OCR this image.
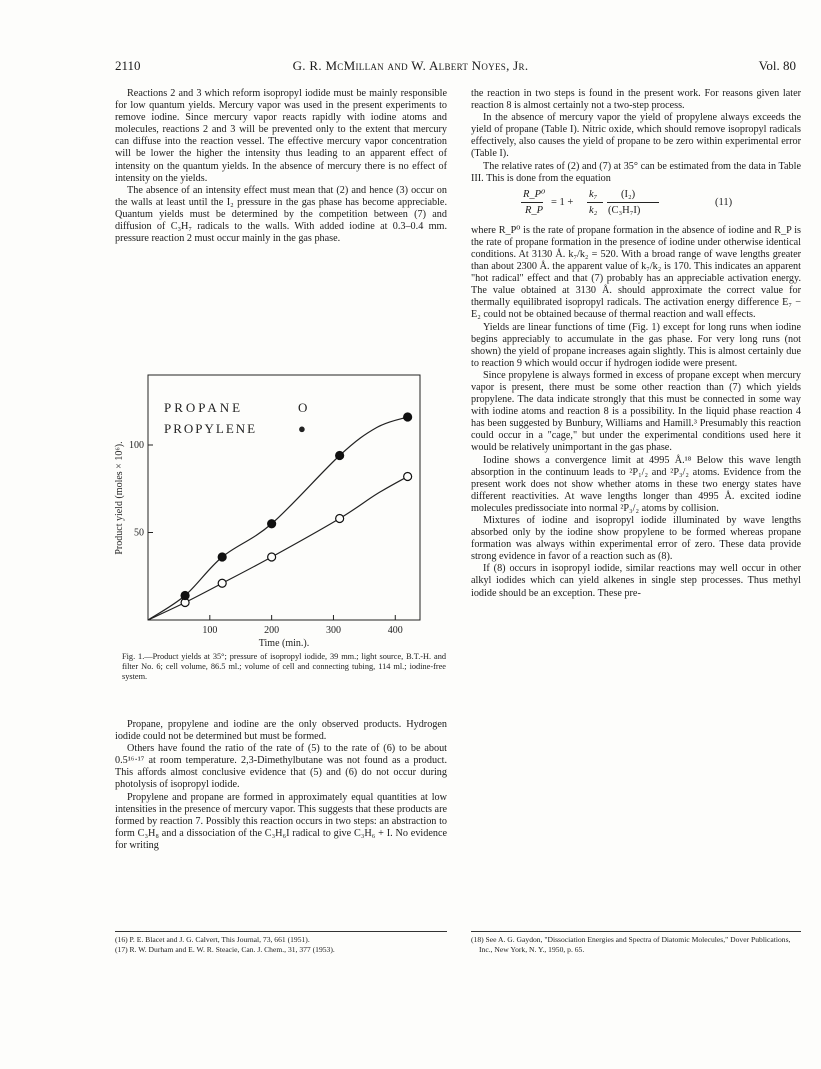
2110	G. R. McMillan and W. Albert Noyes, Jr.	Vol. 80

Reactions 2 and 3 which reform isopropyl iodide must be mainly responsible for low quantum yields. Mercury vapor was used in the present experiments to remove iodine. Since mercury vapor reacts rapidly with iodine atoms and molecules, reactions 2 and 3 will be prevented only to the extent that mercury can diffuse into the reaction vessel. The effective mercury vapor concentration will be lower the higher the intensity thus leading to an apparent effect of intensity on the quantum yields. In the absence of mercury there is no effect of intensity on the yields.

The absence of an intensity effect must mean that (2) and hence (3) occur on the walls at least until the I₂ pressure in the gas phase has become appreciable. Quantum yields must be determined by the competition between (7) and diffusion of C₃H₇ radicals to the walls. With added iodine at 0.3–0.4 mm. pressure reaction 2 must occur mainly in the gas phase.

PROPANE	O
PROPYLENE	●
100	200	300	400
50
100
Time (min.).
Product yield (moles × 10⁶).
Fig. 1.—Product yields at 35°; pressure of isopropyl iodide, 39 mm.; light source, B.T.-H. and filter No. 6; cell volume, 86.5 ml.; volume of cell and connecting tubing, 114 ml.; iodine-free system.

Propane, propylene and iodine are the only observed products. Hydrogen iodide could not be determined but must be formed.

Others have found the ratio of the rate of (5) to the rate of (6) to be about 0.5¹⁶·¹⁷ at room temperature. 2,3-Dimethylbutane was not found as a product. This affords almost conclusive evidence that (5) and (6) do not occur during photolysis of isopropyl iodide.

Propylene and propane are formed in approximately equal quantities at low intensities in the presence of mercury vapor. This suggests that these products are formed by reaction 7. Possibly this reaction occurs in two steps: an abstraction to form C₃H₈ and a dissociation of the C₃H₆I radical to give C₃H₆ + I. No evidence for writing

(16) P. E. Blacet and J. G. Calvert, This Journal, 73, 661 (1951).
(17) R. W. Durham and E. W. R. Steacie, Can. J. Chem., 31, 377 (1953).

the reaction in two steps is found in the present work. For reasons given later reaction 8 is almost certainly not a two-step process.

In the absence of mercury vapor the yield of propylene always exceeds the yield of propane (Table I). Nitric oxide, which should remove isopropyl radicals effectively, also causes the yield of propane to be zero within experimental error (Table I).

The relative rates of (2) and (7) at 35° can be estimated from the data in Table III. This is done from the equation

R_P⁰
R_P
= 1 +
k₇
k₂
(I₂)
(C₃H₇I)
(11)

where R_P⁰ is the rate of propane formation in the absence of iodine and R_P is the rate of propane formation in the presence of iodine under otherwise identical conditions. At 3130 Å. k₇/k₂ = 520. With a broad range of wave lengths greater than about 2300 Å. the apparent value of k₇/k₂ is 170. This indicates an apparent "hot radical" effect and that (7) probably has an appreciable activation energy. The value obtained at 3130 Å. should approximate the correct value for thermally equilibrated isopropyl radicals. The activation energy difference E₇ − E₂ could not be obtained because of thermal reaction and wall effects.

Yields are linear functions of time (Fig. 1) except for long runs when iodine begins appreciably to accumulate in the gas phase. For very long runs (not shown) the yield of propane increases again slightly. This is almost certainly due to reaction 9 which would occur if hydrogen iodide were present.

Since propylene is always formed in excess of propane except when mercury vapor is present, there must be some other reaction than (7) which yields propylene. The data indicate strongly that this must be connected in some way with iodine atoms and reaction 8 is a possibility. In the liquid phase reaction 4 has been suggested by Bunbury, Williams and Hamill.³ Presumably this reaction could occur in a "cage," but under the experimental conditions used here it would be relatively unimportant in the gas phase.

Iodine shows a convergence limit at 4995 Å.¹⁸ Below this wave length absorption in the continuum leads to ²P₁/₂ and ²P₃/₂ atoms. Evidence from the present work does not show whether atoms in these two energy states have different reactivities. At wave lengths longer than 4995 Å. excited iodine molecules predissociate into normal ²P₃/₂ atoms by collision.

Mixtures of iodine and isopropyl iodide illuminated by wave lengths absorbed only by the iodine show propylene to be formed whereas propane formation was always within experimental error of zero. These data provide strong evidence in favor of a reaction such as (8).

If (8) occurs in isopropyl iodide, similar reactions may well occur in other alkyl iodides which can yield alkenes in single step processes. Thus methyl iodide should be an exception. These pre-

(18) See A. G. Gaydon, "Dissociation Energies and Spectra of Diatomic Molecules," Dover Publications, Inc., New York, N. Y., 1950, p. 65.
